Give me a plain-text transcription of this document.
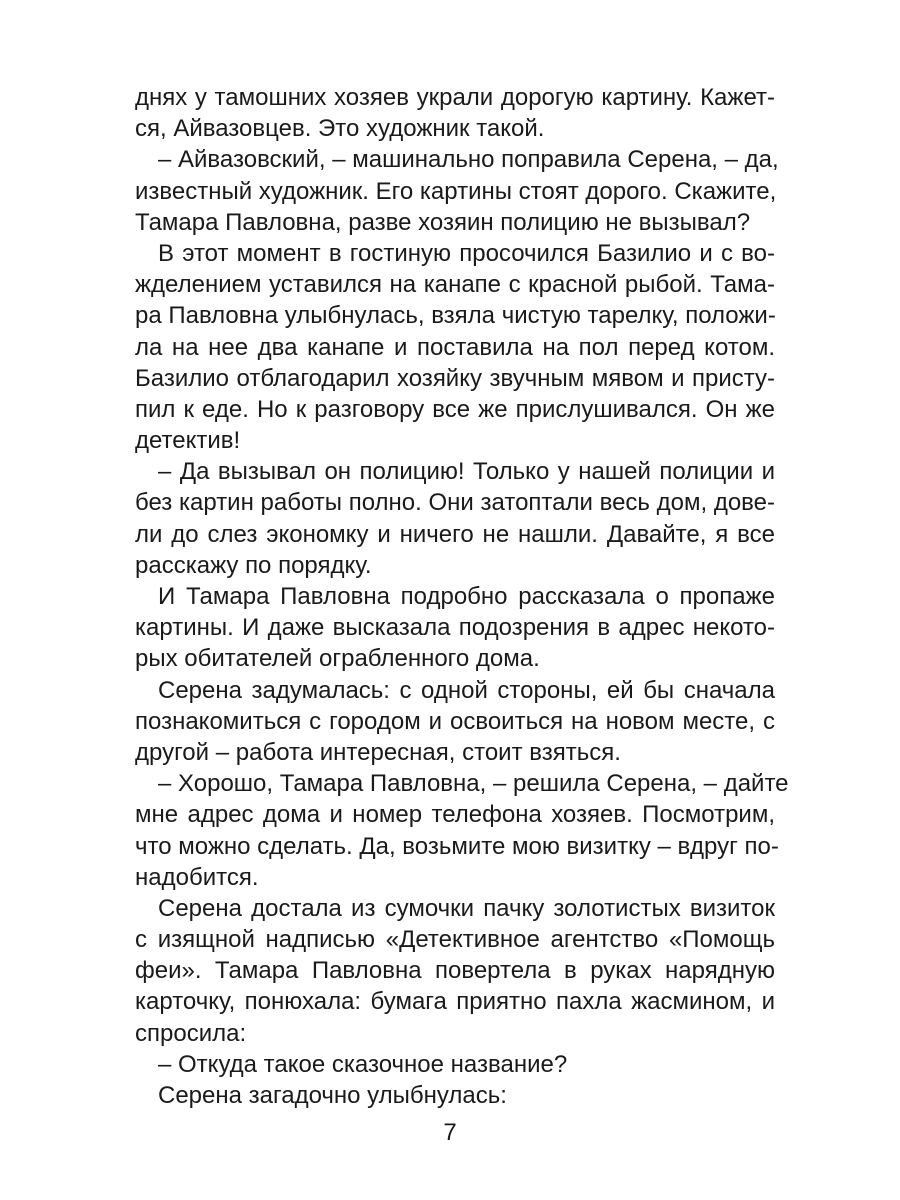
днях у тамошних хозяев украли дорогую картину. Кажет-
ся, Айвазовцев. Это художник такой.
– Айвазовский, – машинально поправила Серена, – да,
известный художник. Его картины стоят дорого. Скажите,
Тамара Павловна, разве хозяин полицию не вызывал?
В этот момент в гостиную просочился Базилио и с во-
жделением уставился на канапе с красной рыбой. Тама-
ра Павловна улыбнулась, взяла чистую тарелку, положи-
ла на нее два канапе и поставила на пол перед котом.
Базилио отблагодарил хозяйку звучным мявом и присту-
пил к еде. Но к разговору все же прислушивался. Он же
детектив!
– Да вызывал он полицию! Только у нашей полиции и
без картин работы полно. Они затоптали весь дом, дове-
ли до слез экономку и ничего не нашли. Давайте, я все
расскажу по порядку.
И Тамара Павловна подробно рассказала о пропаже
картины. И даже высказала подозрения в адрес некото-
рых обитателей ограбленного дома.
Серена задумалась: с одной стороны, ей бы сначала
познакомиться с городом и освоиться на новом месте, с
другой – работа интересная, стоит взяться.
– Хорошо, Тамара Павловна, – решила Серена, – дайте
мне адрес дома и номер телефона хозяев. Посмотрим,
что можно сделать. Да, возьмите мою визитку – вдруг по-
надобится.
Серена достала из сумочки пачку золотистых визиток
с изящной надписью «Детективное агентство «Помощь
феи». Тамара Павловна повертела в руках нарядную
карточку, понюхала: бумага приятно пахла жасмином, и
спросила:
– Откуда такое сказочное название?
Серена загадочно улыбнулась:
7
